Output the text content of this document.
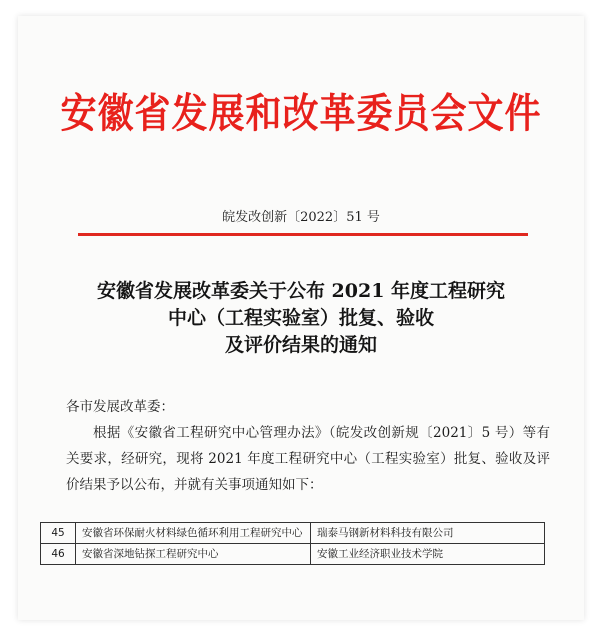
安徽省发展和改革委员会文件
皖发改创新〔2022〕51 号
安徽省发展改革委关于公布 2021 年度工程研究
中心（工程实验室）批复、验收
及评价结果的通知
各市发展改革委：
根据《安徽省工程研究中心管理办法》（皖发改创新规〔2021〕5 号）等有关要求，经研究，现将 2021 年度工程研究中心（工程实验室）批复、验收及评价结果予以公布，并就有关事项通知如下：
45	安徽省环保耐火材料绿色循环利用工程研究中心	瑞泰马钢新材料科技有限公司
46	安徽省深地钻探工程研究中心	安徽工业经济职业技术学院
